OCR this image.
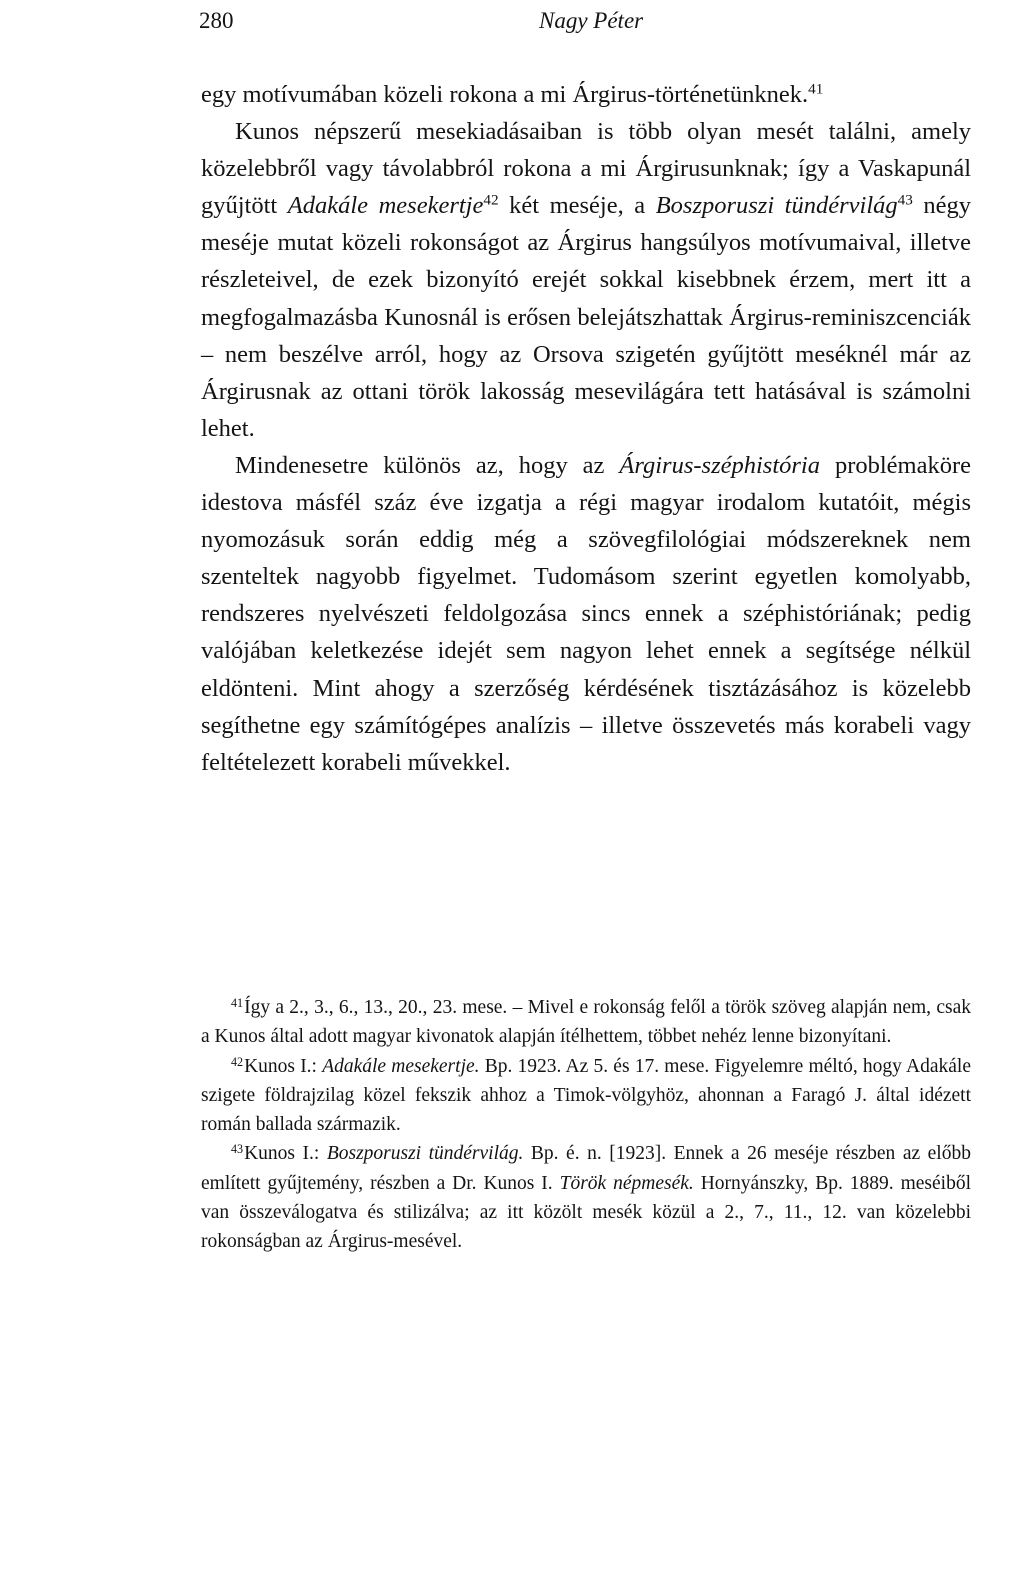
280	Nagy Péter

egy motívumában közeli rokona a mi Árgirus-történetünknek.$^{41}$

Kunos népszerű mesekiadásaiban is több olyan mesét találni, amely közelebbről vagy távolabbról rokona a mi Árgirusunknak; így a Vaskapunál gyűjtött Adakále mesekertje$^{42}$ két meséje, a Boszporuszi tündérvilág$^{43}$ négy meséje mutat közeli rokonságot az Árgirus hangsúlyos motívumaival, illetve részleteivel, de ezek bizonyító erejét sokkal kisebbnek érzem, mert itt a megfogalmazásba Kunosnál is erősen belejátszhattak Árgirus-reminiszcenciák – nem beszélve arról, hogy az Orsova szigetén gyűjtött meséknél már az Árgirusnak az ottani török lakosság mesevilágára tett hatásával is számolni lehet.

Mindenesetre különös az, hogy az Árgirus-széphistória problémaköre idestova másfél száz éve izgatja a régi magyar irodalom kutatóit, mégis nyomozásuk során eddig még a szövegfilológiai módszereknek nem szenteltek nagyobb figyelmet. Tudomásom szerint egyetlen komolyabb, rendszeres nyelvészeti feldolgozása sincs ennek a széphistóriának; pedig valójában keletkezése idejét sem nagyon lehet ennek a segítsége nélkül eldönteni. Mint ahogy a szerzőség kérdésének tisztázásához is közelebb segíthetne egy számítógépes analízis – illetve összevetés más korabeli vagy feltételezett korabeli művekkel.

$^{41}$Így a 2., 3., 6., 13., 20., 23. mese. – Mivel e rokonság felől a török szöveg alapján nem, csak a Kunos által adott magyar kivonatok alapján ítélhettem, többet nehéz lenne bizonyítani.

$^{42}$Kunos I.: Adakále mesekertje. Bp. 1923. Az 5. és 17. mese. Figyelemre méltó, hogy Adakále szigete földrajzilag közel fekszik ahhoz a Timok-völgyhöz, ahonnan a Faragó J. által idézett román ballada származik.

$^{43}$Kunos I.: Boszporuszi tündérvilág. Bp. é. n. [1923]. Ennek a 26 meséje részben az előbb említett gyűjtemény, részben a Dr. Kunos I. Török népmesék. Hornyánszky, Bp. 1889. meséiből van összeválogatva és stilizálva; az itt közölt mesék közül a 2., 7., 11., 12. van közelebbi rokonságban az Árgirus-mesével.
